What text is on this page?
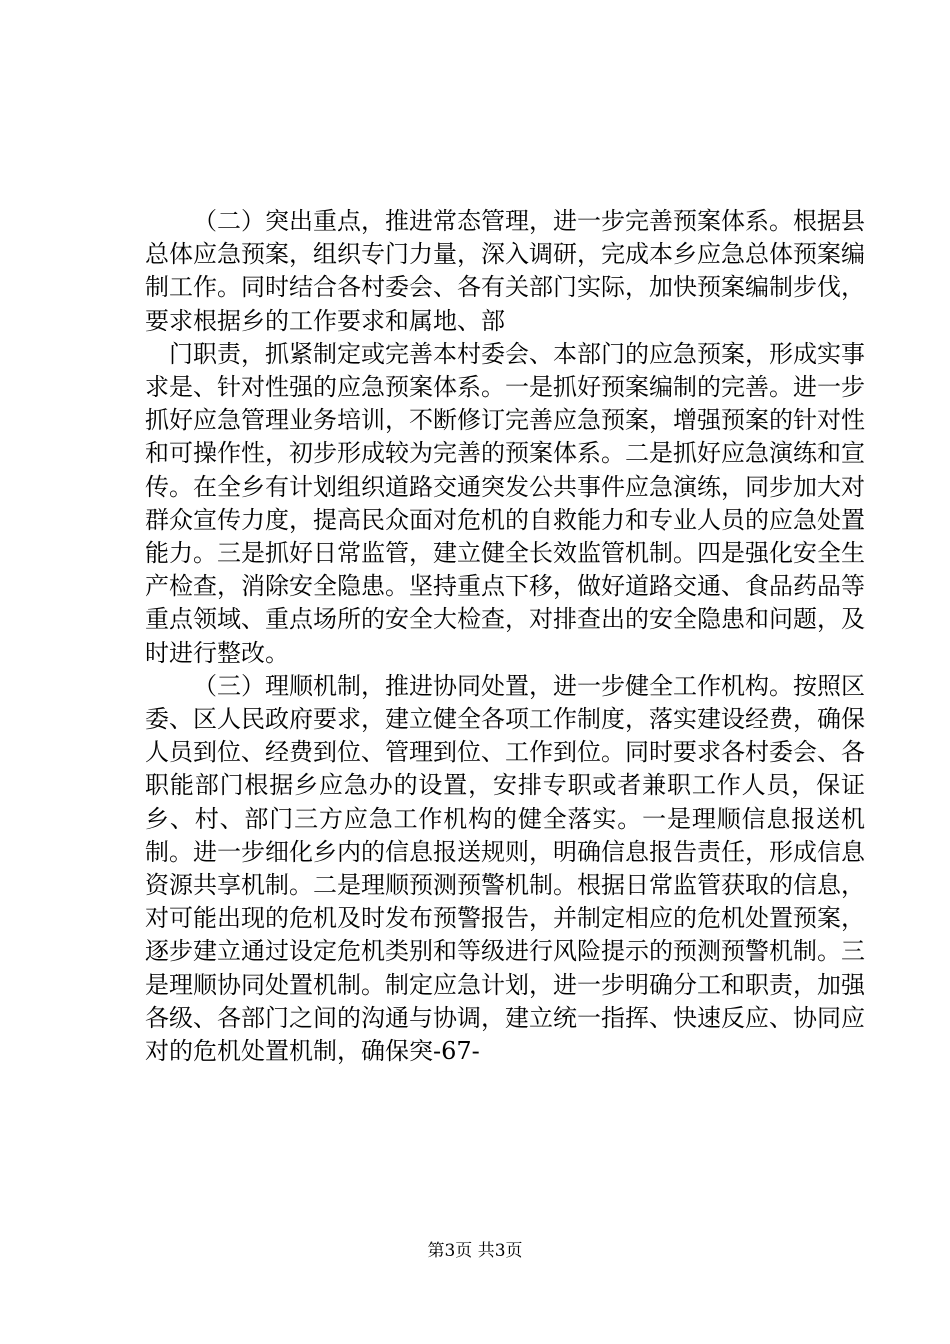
（二）突出重点，推进常态管理，进一步完善预案体系。根据县总体应急预案，组织专门力量，深入调研，完成本乡应急总体预案编制工作。同时结合各村委会、各有关部门实际，加快预案编制步伐，要求根据乡的工作要求和属地、部

门职责，抓紧制定或完善本村委会、本部门的应急预案，形成实事求是、针对性强的应急预案体系。一是抓好预案编制的完善。进一步抓好应急管理业务培训，不断修订完善应急预案，增强预案的针对性和可操作性，初步形成较为完善的预案体系。二是抓好应急演练和宣传。在全乡有计划组织道路交通突发公共事件应急演练，同步加大对群众宣传力度，提高民众面对危机的自救能力和专业人员的应急处置能力。三是抓好日常监管，建立健全长效监管机制。四是强化安全生产检查，消除安全隐患。坚持重点下移，做好道路交通、食品药品等重点领域、重点场所的安全大检查，对排查出的安全隐患和问题，及时进行整改。

（三）理顺机制，推进协同处置，进一步健全工作机构。按照区委、区人民政府要求，建立健全各项工作制度，落实建设经费，确保人员到位、经费到位、管理到位、工作到位。同时要求各村委会、各职能部门根据乡应急办的设置，安排专职或者兼职工作人员，保证乡、村、部门三方应急工作机构的健全落实。一是理顺信息报送机制。进一步细化乡内的信息报送规则，明确信息报告责任，形成信息资源共享机制。二是理顺预测预警机制。根据日常监管获取的信息，对可能出现的危机及时发布预警报告，并制定相应的危机处置预案，逐步建立通过设定危机类别和等级进行风险提示的预测预警机制。三是理顺协同处置机制。制定应急计划，进一步明确分工和职责，加强各级、各部门之间的沟通与协调，建立统一指挥、快速反应、协同应对的危机处置机制，确保突-67-

第3页 共3页
